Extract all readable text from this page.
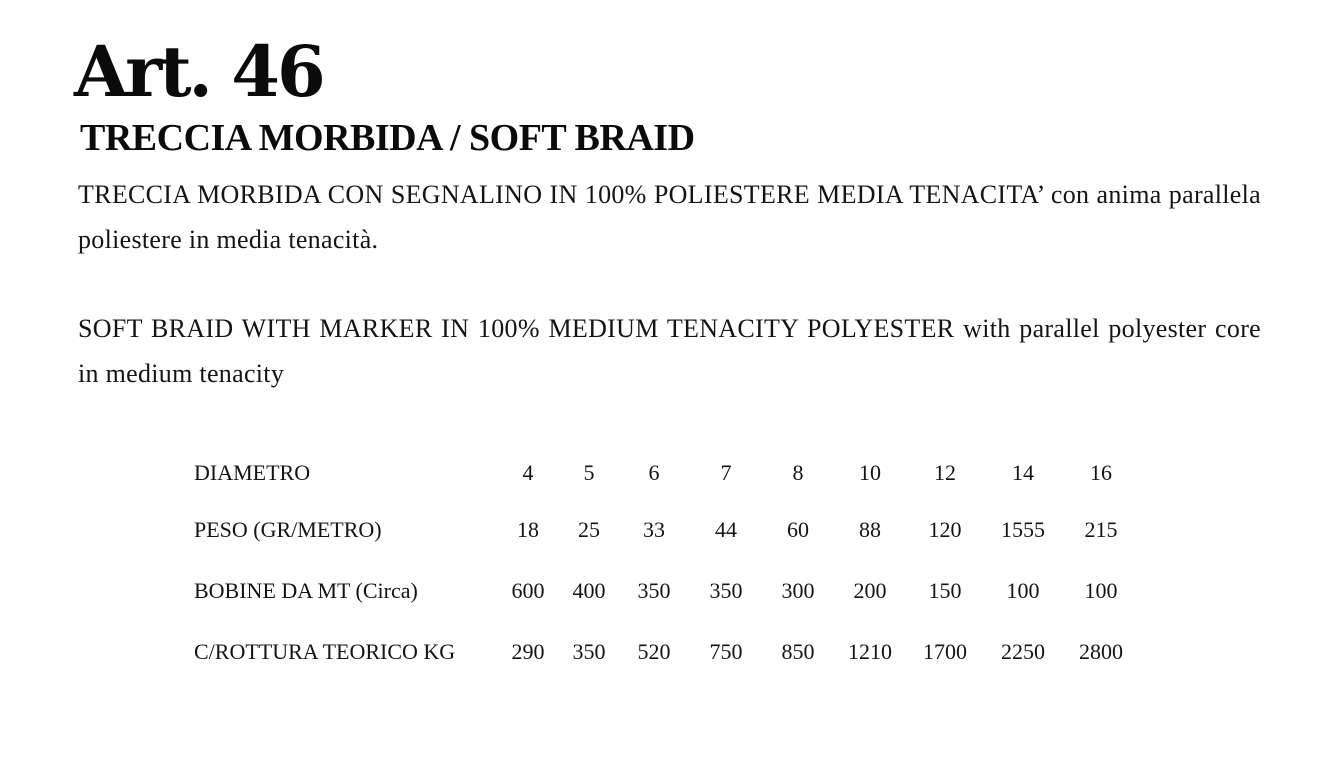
Art. 46
TRECCIA MORBIDA / SOFT BRAID

TRECCIA MORBIDA CON SEGNALINO IN 100% POLIESTERE MEDIA TENACITA’ con anima parallela poliestere in media tenacità.

SOFT BRAID WITH MARKER IN 100% MEDIUM TENACITY POLYESTER with parallel polyester core in medium tenacity

DIAMETRO	4	5	6	7	8	10	12	14	16
PESO (GR/METRO)	18	25	33	44	60	88	120	1555	215
BOBINE DA MT (Circa)	600	400	350	350	300	200	150	100	100
C/ROTTURA TEORICO KG	290	350	520	750	850	1210	1700	2250	2800
